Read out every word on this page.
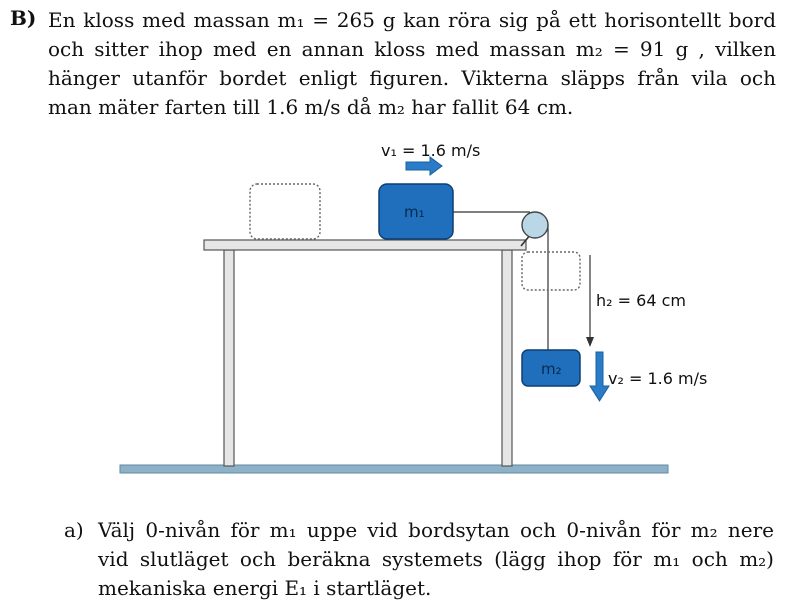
B) En kloss med massan m₁ = 265 g kan röra sig på ett horisontellt bord
och sitter ihop med en annan kloss med massan m₂ = 91 g , vilken
hänger utanför bordet enligt figuren. Vikterna släpps från vila och
man mäter farten till 1.6 m/s då m₂ har fallit 64 cm.
v₁ = 1.6 m/s
m₁
h₂ = 64 cm
m₂	v₂ = 1.6 m/s
a) Välj 0-nivån för m₁ uppe vid bordsytan och 0-nivån för m₂ nere
vid slutläget och beräkna systemets (lägg ihop för m₁ och m₂)
mekaniska energi E₁ i startläget.
